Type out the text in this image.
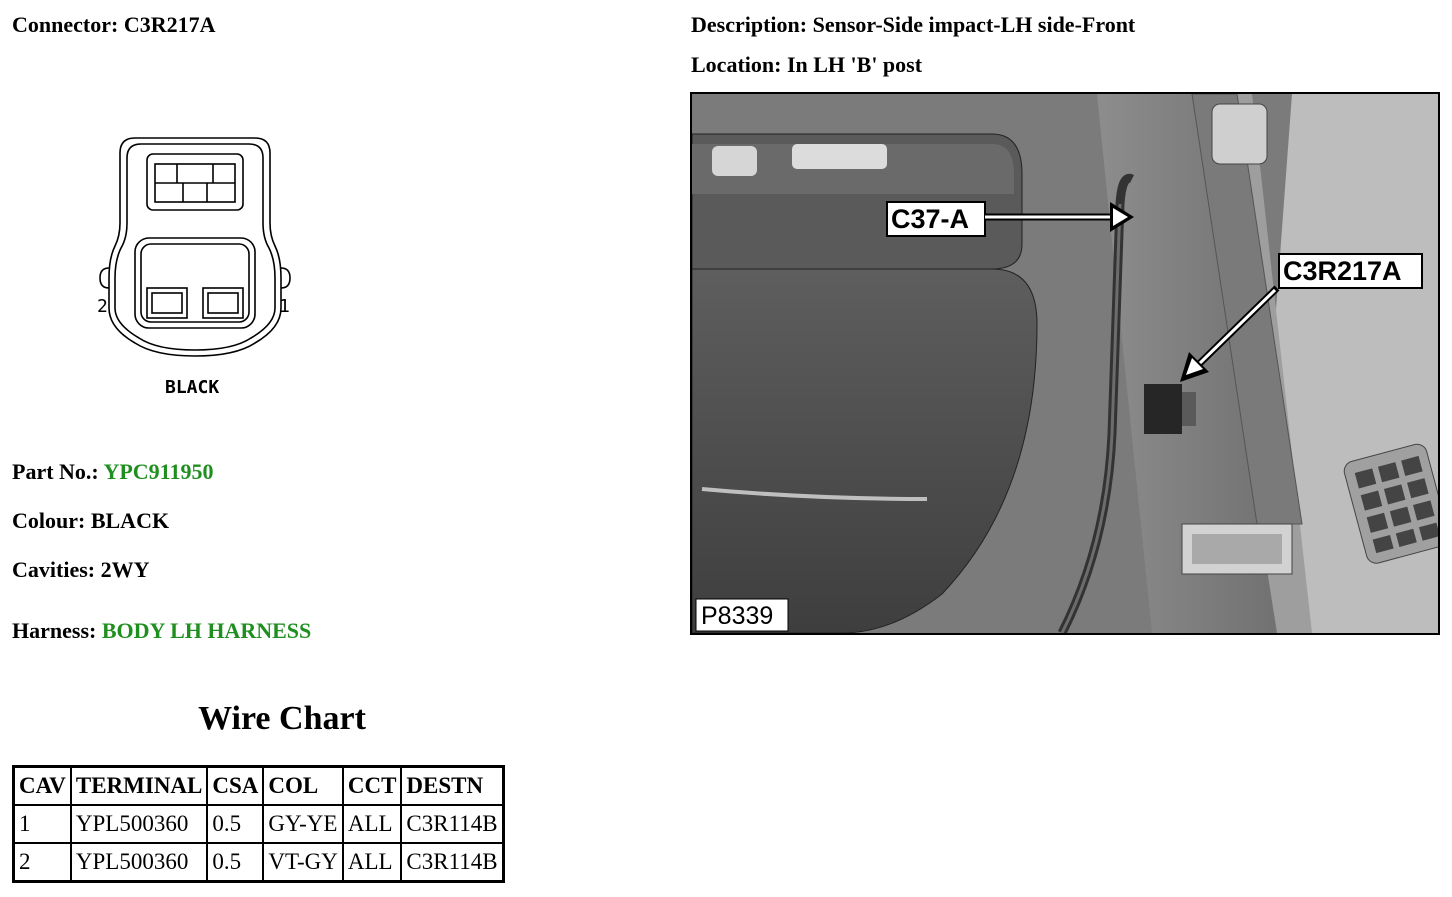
Connector: C3R217A	Description: Sensor-Side impact-LH side-Front
Location: In LH 'B' post
2	1
BLACK
Part No.: YPC911950
Colour: BLACK
Cavities: 2WY
Harness: BODY LH HARNESS
Wire Chart
CAV	TERMINAL	CSA	COL	CCT	DESTN
1	YPL500360	0.5	GY-YE	ALL	C3R114B
2	YPL500360	0.5	VT-GY	ALL	C3R114B
C37-A
C3R217A
P8339
